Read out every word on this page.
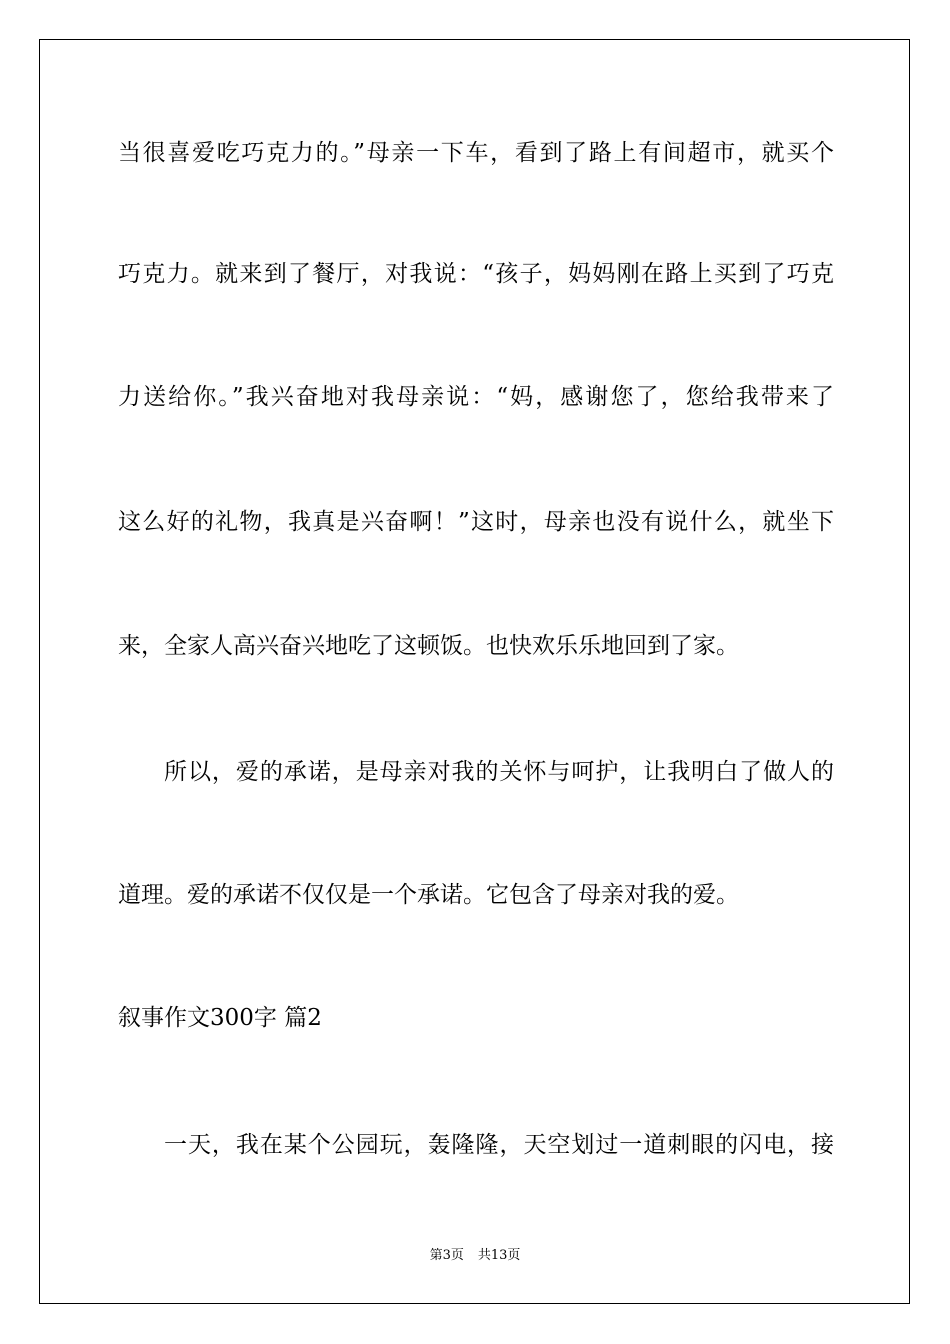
当很喜爱吃巧克力的。”母亲一下车，看到了路上有间超市，就买个
巧克力。就来到了餐厅，对我说：“孩子，妈妈刚在路上买到了巧克
力送给你。”我兴奋地对我母亲说：“妈，感谢您了，您给我带来了
这么好的礼物，我真是兴奋啊！”这时，母亲也没有说什么，就坐下
来，全家人高兴奋兴地吃了这顿饭。也快欢乐乐地回到了家。
所以，爱的承诺，是母亲对我的关怀与呵护，让我明白了做人的
道理。爱的承诺不仅仅是一个承诺。它包含了母亲对我的爱。
叙事作文300字 篇2
一天，我在某个公园玩，轰隆隆，天空划过一道刺眼的闪电，接
第3页 共13页
